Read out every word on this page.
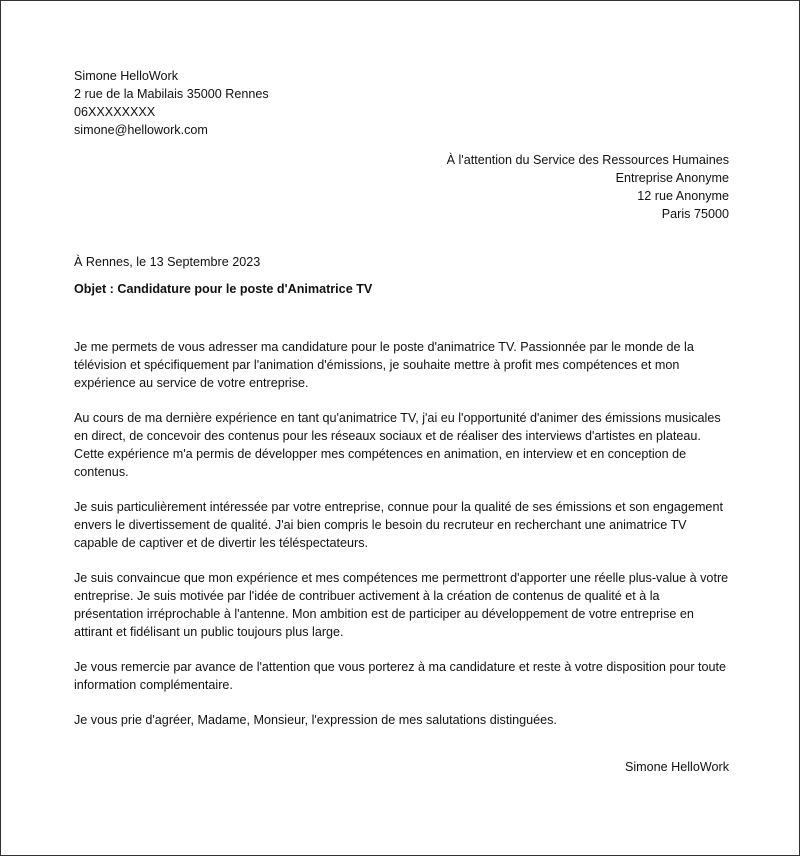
Simone HelloWork
2 rue de la Mabilais 35000 Rennes
06XXXXXXXX
simone@hellowork.com
À l'attention du Service des Ressources Humaines
Entreprise Anonyme
12 rue Anonyme
Paris 75000
À Rennes, le 13 Septembre 2023
Objet : Candidature pour le poste d'Animatrice TV

Je me permets de vous adresser ma candidature pour le poste d'animatrice TV. Passionnée par le monde de la télévision et spécifiquement par l'animation d'émissions, je souhaite mettre à profit mes compétences et mon expérience au service de votre entreprise.

Au cours de ma dernière expérience en tant qu'animatrice TV, j'ai eu l'opportunité d'animer des émissions musicales en direct, de concevoir des contenus pour les réseaux sociaux et de réaliser des interviews d'artistes en plateau. Cette expérience m'a permis de développer mes compétences en animation, en interview et en conception de contenus.

Je suis particulièrement intéressée par votre entreprise, connue pour la qualité de ses émissions et son engagement envers le divertissement de qualité. J'ai bien compris le besoin du recruteur en recherchant une animatrice TV capable de captiver et de divertir les téléspectateurs.

Je suis convaincue que mon expérience et mes compétences me permettront d'apporter une réelle plus-value à votre entreprise. Je suis motivée par l'idée de contribuer activement à la création de contenus de qualité et à la présentation irréprochable à l'antenne. Mon ambition est de participer au développement de votre entreprise en attirant et fidélisant un public toujours plus large.

Je vous remercie par avance de l'attention que vous porterez à ma candidature et reste à votre disposition pour toute information complémentaire.

Je vous prie d'agréer, Madame, Monsieur, l'expression de mes salutations distinguées.

Simone HelloWork
